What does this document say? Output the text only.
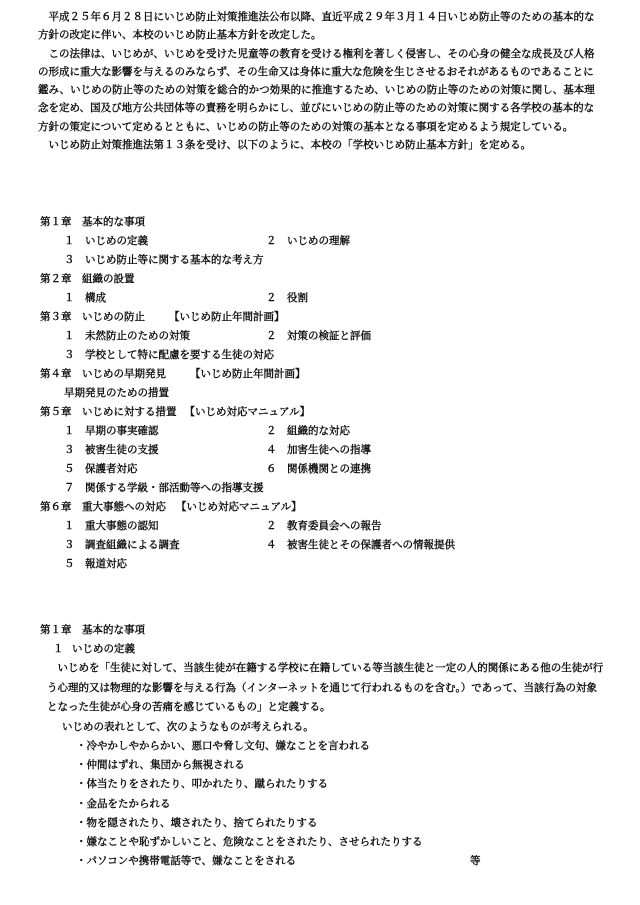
平成２５年６月２８日にいじめ防止対策推進法公布以降、直近平成２９年３月１４日いじめ防止等のための基本的な方針の改定に伴い、本校のいじめ防止基本方針を改定した。

この法律は、いじめが、いじめを受けた児童等の教育を受ける権利を著しく侵害し、その心身の健全な成長及び人格の形成に重大な影響を与えるのみならず、その生命又は身体に重大な危険を生じさせるおそれがあるものであることに鑑み、いじめの防止等のための対策を総合的かつ効果的に推進するため、いじめの防止等のための対策に関し、基本理念を定め、国及び地方公共団体等の責務を明らかにし、並びにいじめの防止等のための対策に関する各学校の基本的な方針の策定について定めるとともに、いじめの防止等のための対策の基本となる事項を定めるよう規定している。

いじめ防止対策推進法第１３条を受け、以下のように、本校の「学校いじめ防止基本方針」を定める。

第１章　基本的な事項
１ いじめの定義	２ いじめの理解
３ いじめ防止等に関する基本的な考え方
第２章　組織の設置
１ 構成	２ 役割
第３章　いじめの防止 【いじめ防止年間計画】
１ 未然防止のための対策	２ 対策の検証と評価
３ 学校として特に配慮を要する生徒の対応
第４章　いじめの早期発見 【いじめ防止年間計画】
早期発見のための措置
第５章　いじめに対する措置 【いじめ対応マニュアル】
１ 早期の事実確認	２ 組織的な対応
３ 被害生徒の支援	４ 加害生徒への指導
５ 保護者対応	６ 関係機関との連携
７ 関係する学級・部活動等への指導支援
第６章　重大事態への対応 【いじめ対応マニュアル】
１ 重大事態の認知	２ 教育委員会への報告
３ 調査組織による調査	４ 被害生徒とその保護者への情報提供
５ 報道対応
第１章　基本的な事項
１ いじめの定義

いじめを「生徒に対して、当該生徒が在籍する学校に在籍している等当該生徒と一定の人的関係にある他の生徒が行う心理的又は物理的な影響を与える行為（インターネットを通じて行われるものを含む。）であって、当該行為の対象となった生徒が心身の苦痛を感じているもの」と定義する。

いじめの表れとして、次のようなものが考えられる。

・冷やかしやからかい、悪口や脅し文句、嫌なことを言われる
・仲間はずれ、集団から無視される
・体当たりをされたり、叩かれたり、蹴られたりする
・金品をたかられる
・物を隠されたり、壊されたり、捨てられたりする
・嫌なことや恥ずかしいこと、危険なことをされたり、させられたりする
・パソコンや携帯電話等で、嫌なことをされる	等
